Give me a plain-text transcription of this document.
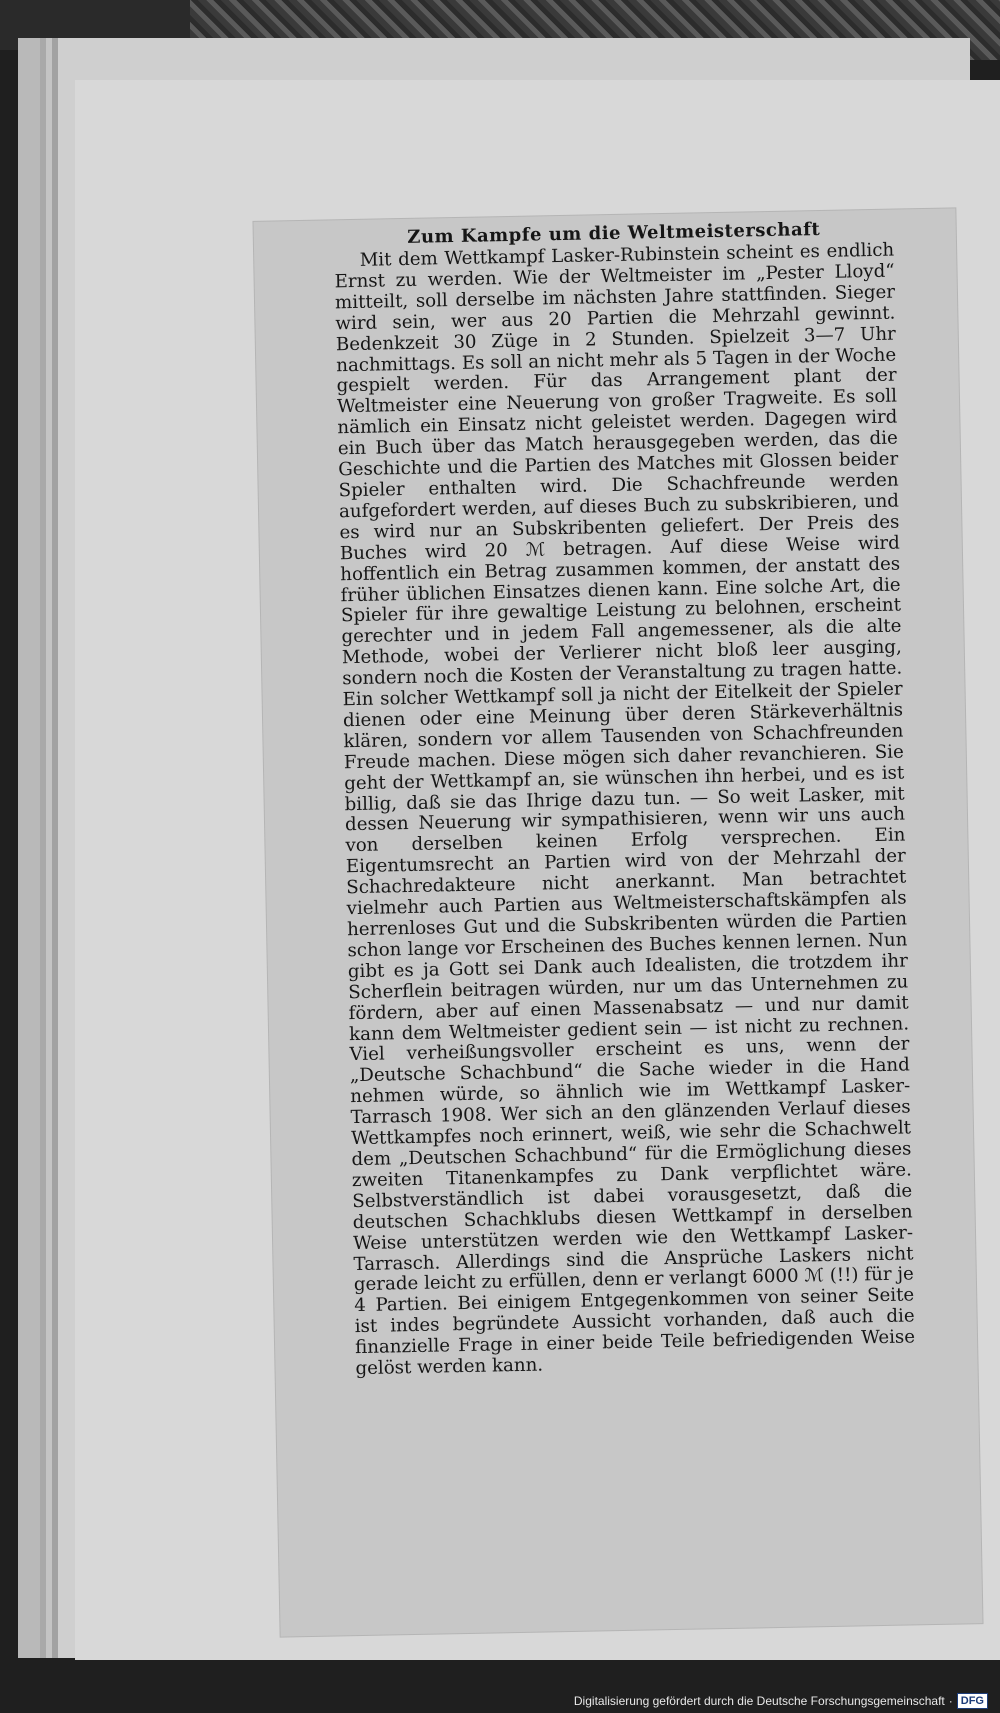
Zum Kampfe um die Weltmeisterschaft

Mit dem Wettkampf Lasker-Rubinstein scheint es endlich Ernst zu werden. Wie der Weltmeister im „Pester Lloyd“ mitteilt, soll derselbe im nächsten Jahre stattfinden. Sieger wird sein, wer aus 20 Partien die Mehrzahl gewinnt. Bedenkzeit 30 Züge in 2 Stunden. Spielzeit 3—7 Uhr nachmittags. Es soll an nicht mehr als 5 Tagen in der Woche gespielt werden. Für das Arrangement plant der Weltmeister eine Neuerung von großer Tragweite. Es soll nämlich ein Einsatz nicht geleistet werden. Dagegen wird ein Buch über das Match herausgegeben werden, das die Geschichte und die Partien des Matches mit Glossen beider Spieler enthalten wird. Die Schachfreunde werden aufgefordert werden, auf dieses Buch zu subskribieren, und es wird nur an Subskribenten geliefert. Der Preis des Buches wird 20 ℳ betragen. Auf diese Weise wird hoffentlich ein Betrag zusammen kommen, der anstatt des früher üblichen Einsatzes dienen kann. Eine solche Art, die Spieler für ihre gewaltige Leistung zu belohnen, erscheint gerechter und in jedem Fall angemessener, als die alte Methode, wobei der Verlierer nicht bloß leer ausging, sondern noch die Kosten der Veranstaltung zu tragen hatte. Ein solcher Wettkampf soll ja nicht der Eitelkeit der Spieler dienen oder eine Meinung über deren Stärkeverhältnis klären, sondern vor allem Tausenden von Schachfreunden Freude machen. Diese mögen sich daher revanchieren. Sie geht der Wettkampf an, sie wünschen ihn herbei, und es ist billig, daß sie das Ihrige dazu tun. — So weit Lasker, mit dessen Neuerung wir sympathisieren, wenn wir uns auch von derselben keinen Erfolg versprechen. Ein Eigentumsrecht an Partien wird von der Mehrzahl der Schachredakteure nicht anerkannt. Man betrachtet vielmehr auch Partien aus Weltmeisterschaftskämpfen als herrenloses Gut und die Subskribenten würden die Partien schon lange vor Erscheinen des Buches kennen lernen. Nun gibt es ja Gott sei Dank auch Idealisten, die trotzdem ihr Scherflein beitragen würden, nur um das Unternehmen zu fördern, aber auf einen Massenabsatz — und nur damit kann dem Weltmeister gedient sein — ist nicht zu rechnen. Viel verheißungsvoller erscheint es uns, wenn der „Deutsche Schachbund“ die Sache wieder in die Hand nehmen würde, so ähnlich wie im Wettkampf Lasker-Tarrasch 1908. Wer sich an den glänzenden Verlauf dieses Wettkampfes noch erinnert, weiß, wie sehr die Schachwelt dem „Deutschen Schachbund“ für die Ermöglichung dieses zweiten Titanenkampfes zu Dank verpflichtet wäre. Selbstverständlich ist dabei vorausgesetzt, daß die deutschen Schachklubs diesen Wettkampf in derselben Weise unterstützen werden wie den Wettkampf Lasker-Tarrasch. Allerdings sind die Ansprüche Laskers nicht gerade leicht zu erfüllen, denn er verlangt 6000 ℳ (!!) für je 4 Partien. Bei einigem Entgegenkommen von seiner Seite ist indes begründete Aussicht vorhanden, daß auch die finanzielle Frage in einer beide Teile befriedigenden Weise gelöst werden kann.

Digitalisierung gefördert durch die Deutsche Forschungsgemeinschaft · DFG
